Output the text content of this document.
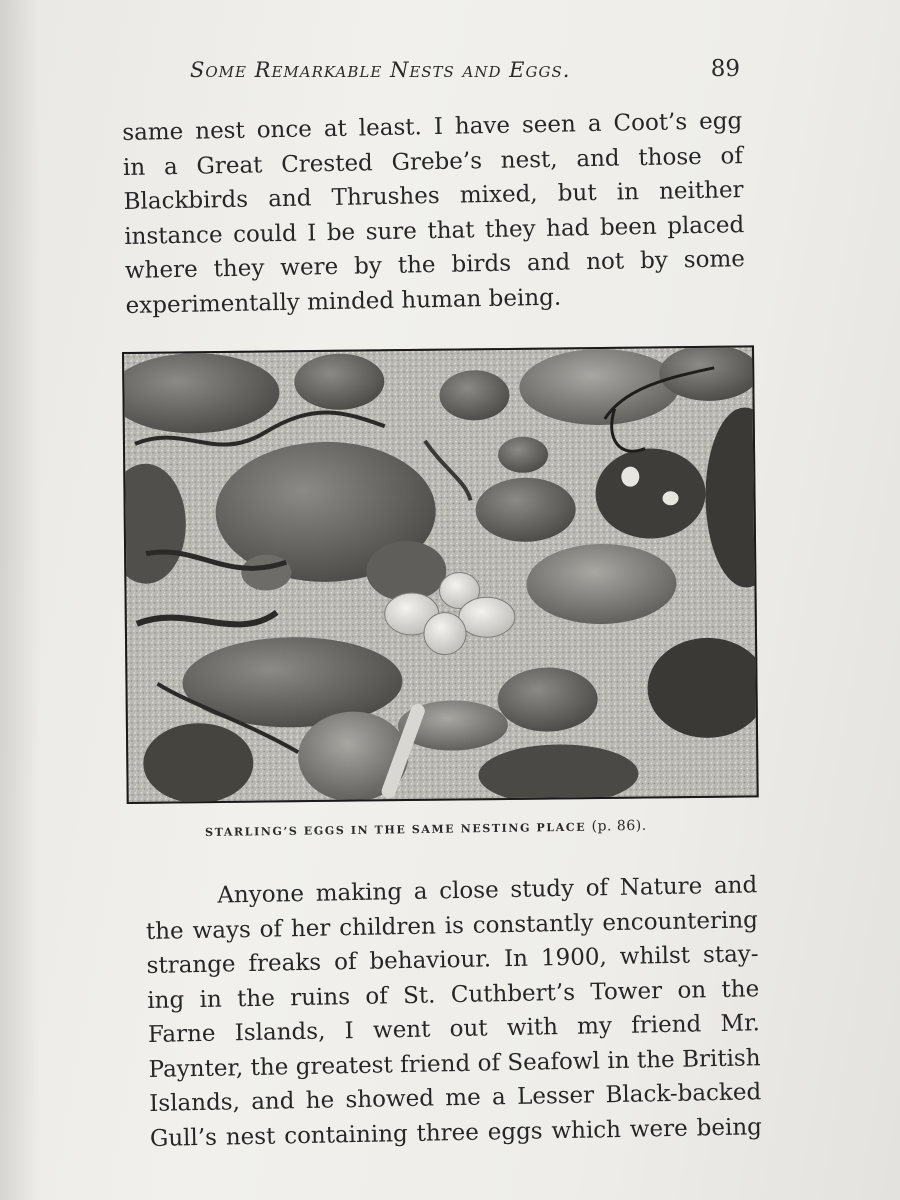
Some Remarkable Nests and Eggs.	89
same nest once at least. I have seen a Coot’s egg
in a Great Crested Grebe’s nest, and those of
Blackbirds and Thrushes mixed, but in neither
instance could I be sure that they had been placed
where they were by the birds and not by some
experimentally minded human being.
STARLING’S EGGS IN THE SAME NESTING PLACE (p. 86).
Anyone making a close study of Nature and
the ways of her children is constantly encountering
strange freaks of behaviour. In 1900, whilst stay-
ing in the ruins of St. Cuthbert’s Tower on the
Farne Islands, I went out with my friend Mr.
Paynter, the greatest friend of Seafowl in the British
Islands, and he showed me a Lesser Black-backed
Gull’s nest containing three eggs which were being
